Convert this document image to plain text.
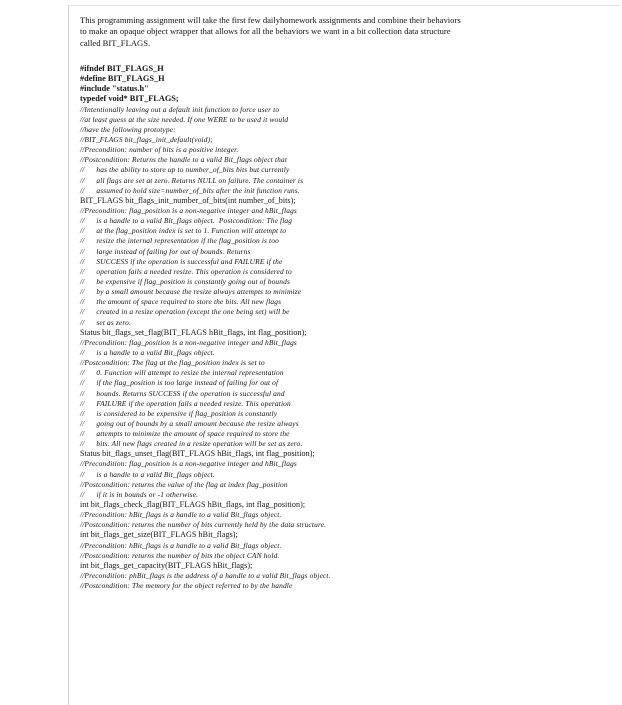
This programming assignment will take the first few dailyhomework assignments and combine their behaviors
to make an opaque object wrapper that allows for all the behaviors we want in a bit collection data structure
called BIT_FLAGS.
#ifndef BIT_FLAGS_H
#define BIT_FLAGS_H
#include "status.h"
typedef void* BIT_FLAGS;
//Intentionally leaving out a default init function to force user to
//at least guess at the size needed. If one WERE to be used it would
//have the following prototype:
//BIT_FLAGS bit_flags_init_default(void);
//Precondition: number of bits is a positive integer.
//Postcondition: Returns the handle to a valid Bit_flags object that
//      has the ability to store up to number_of_bits bits but currently
//      all flags are set at zero. Returns NULL on failure. The container is
//      assumed to hold size=number_of_bits after the init function runs.
BIT_FLAGS bit_flags_init_number_of_bits(int number_of_bits);
//Precondition: flag_position is a non-negative integer and hBit_flags
//      is a handle to a valid Bit_flags object.  Postcondition: The flag
//      at the flag_position index is set to 1. Function will attempt to
//      resize the internal representation if the flag_position is too
//      large instead of failing for out of bounds. Returns
//      SUCCESS if the operation is successful and FAILURE if the
//      operation fails a needed resize. This operation is considered to
//      be expensive if flag_position is constantly going out of bounds
//      by a small amount because the resize always attempts to minimize
//      the amount of space required to store the bits. All new flags
//      created in a resize operation (except the one being set) will be
//      set as zero.
Status bit_flags_set_flag(BIT_FLAGS hBit_flags, int flag_position);
//Precondition: flag_position is a non-negative integer and hBit_flags
//      is a handle to a valid Bit_flags object.
//Postcondition: The flag at the flag_position index is set to
//      0. Function will attempt to resize the internal representation
//      if the flag_position is too large instead of failing for out of
//      bounds. Returns SUCCESS if the operation is successful and
//      FAILURE if the operation fails a needed resize. This operation
//      is considered to be expensive if flag_position is constantly
//      going out of bounds by a small amount because the resize always
//      attempts to minimize the amount of space required to store the
//      bits. All new flags created in a resize operation will be set as zero.
Status bit_flags_unset_flag(BIT_FLAGS hBit_flags, int flag_position);
//Precondition: flag_position is a non-negative integer and hBit_flags
//      is a handle to a valid Bit_flags object.
//Postcondition: returns the value of the flag at index flag_position
//      if it is in bounds or -1 otherwise.
int bit_flags_check_flag(BIT_FLAGS hBit_flags, int flag_position);
//Precondition: hBit_flags is a handle to a valid Bit_flags object.
//Postcondition: returns the number of bits currently held by the data structure.
int bit_flags_get_size(BIT_FLAGS hBit_flags);
//Precondition: hBit_flags is a handle to a valid Bit_flags object.
//Postcondition: returns the number of bits the object CAN hold.
int bit_flags_get_capacity(BIT_FLAGS hBit_flags);
//Precondition: phBit_flags is the address of a handle to a valid Bit_flags object.
//Postcondition: The memory for the object referred to by the handle
